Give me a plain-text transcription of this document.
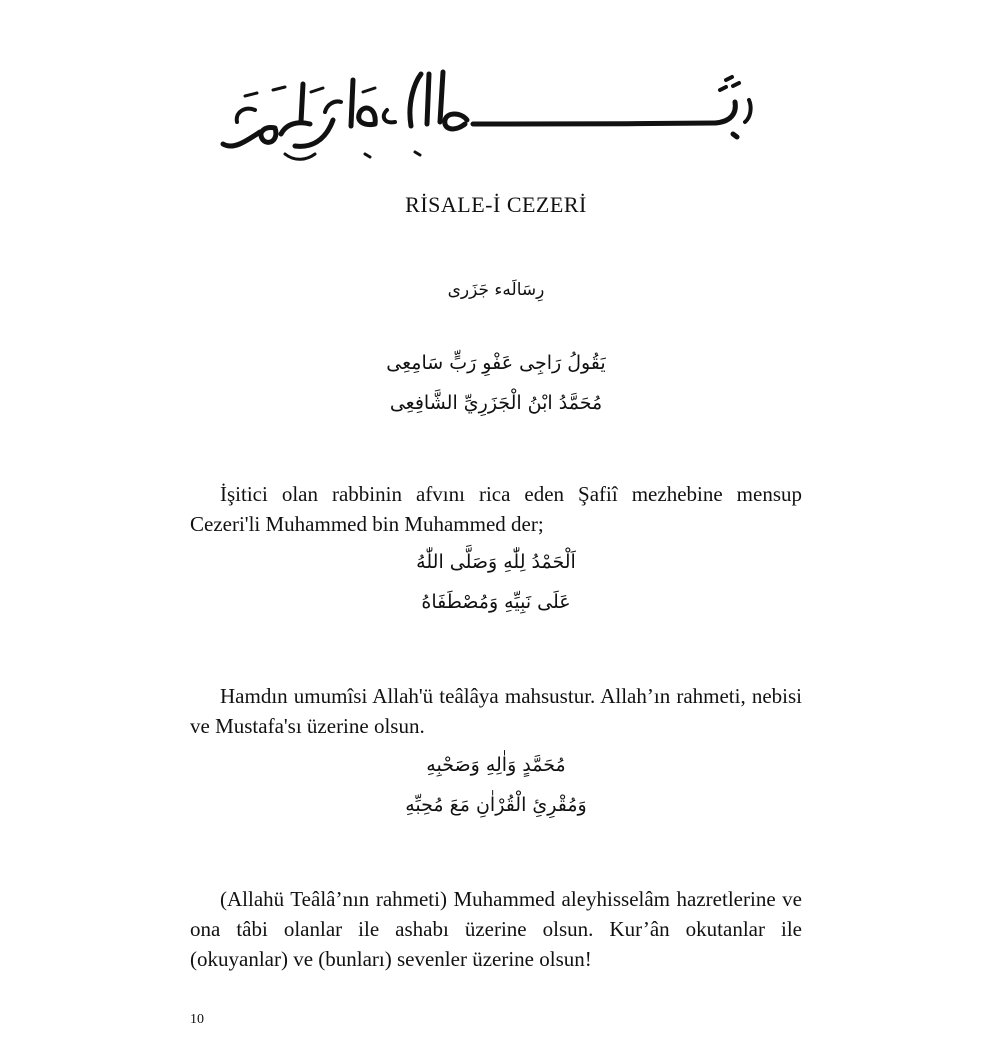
RİSALE-İ CEZERİ
رِسَالَهء جَزَرى
يَقُولُ رَاجِى عَفْوِ رَبٍّ سَامِعِى
مُحَمَّدُ ابْنُ الْجَزَرِيِّ الشَّافِعِى

İşitici olan rabbinin afvını rica eden Şafiî mezhebine mensup Cezeri'li Muhammed bin Muhammed der;

اَلْحَمْدُ لِلّٰهِ وَصَلَّى اللّٰهُ
عَلَى نَبِيِّهِ وَمُصْطَفَاهُ

Hamdın umumîsi Allah'ü teâlâya mahsustur. Allah’ın rahmeti, nebisi ve Mustafa'sı üzerine olsun.

مُحَمَّدٍ وَاٰلِهِ وَصَحْبِهِ
وَمُقْرِئِ الْقُرْاٰنِ مَعَ مُحِبِّهِ

(Allahü Teâlâ’nın rahmeti) Muhammed aleyhisselâm hazretlerine ve ona tâbi olanlar ile ashabı üzerine olsun. Kur’ân okutanlar ile (okuyanlar) ve (bunları) sevenler üzerine olsun!

10
